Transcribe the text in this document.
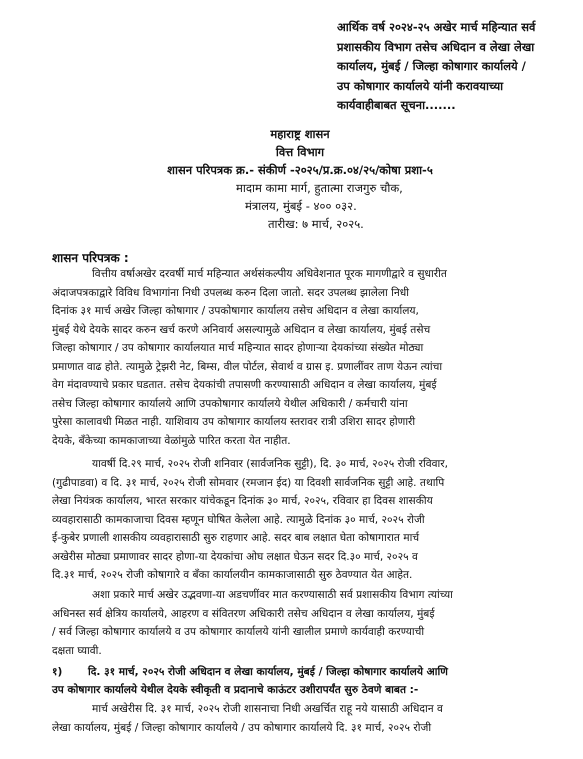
आर्थिक वर्ष २०२४-२५ अखेर मार्च महिन्यात सर्व
प्रशासकीय विभाग तसेच अधिदान व लेखा लेखा
कार्यालय, मुंबई / जिल्हा कोषागार कार्यालये /
उप कोषागार कार्यालये यांनी करावयाच्या
कार्यवाहीबाबत सूचना.......
महाराष्ट्र शासन
वित्त विभाग
शासन परिपत्रक क्र.- संकीर्ण -२०२५/प्र.क्र.०४/२५/कोषा प्रशा-५
मादाम कामा मार्ग, हुतात्मा राजगुरु चौक,
मंत्रालय, मुंबई - ४०० ०३२.
तारीख: ७ मार्च, २०२५.
शासन परिपत्रक :
वित्तीय वर्षाअखेर दरवर्षी मार्च महिन्यात अर्थसंकल्पीय अधिवेशनात पूरक मागणीद्वारे व सुधारीत
अंदाजपत्रकाद्वारे विविध विभागांना निधी उपलब्ध करुन दिला जातो. सदर उपलब्ध झालेला निधी
दिनांक ३१ मार्च अखेर जिल्हा कोषागार / उपकोषागार कार्यालय तसेच अधिदान व लेखा कार्यालय,
मुंबई येथे देयके सादर करुन खर्च करणे अनिवार्य असल्यामुळे अधिदान व लेखा कार्यालय, मुंबई तसेच
जिल्हा कोषागार / उप कोषागार कार्यालयात मार्च महिन्यात सादर होणाऱ्या देयकांच्या संख्येत मोठ्या
प्रमाणात वाढ होते. त्यामुळे ट्रेझरी नेट, बिम्स, वील पोर्टल, सेवार्थ व ग्रास इ. प्रणालींवर ताण येऊन त्यांचा
वेग मंदावण्याचे प्रकार घडतात. तसेच देयकांची तपासणी करण्यासाठी अधिदान व लेखा कार्यालय, मुंबई
तसेच जिल्हा कोषागार कार्यालये आणि उपकोषागार कार्यालये येथील अधिकारी / कर्मचारी यांना
पुरेसा कालावधी मिळत नाही. याशिवाय उप कोषागार कार्यालय स्तरावर रात्री उशिरा सादर होणारी
देयके, बँकेच्या कामकाजाच्या वेळांमुळे पारित करता येत नाहीत.
यावर्षी दि.२९ मार्च, २०२५ रोजी शनिवार (सार्वजनिक सुट्टी), दि. ३० मार्च, २०२५ रोजी रविवार,
(गुढीपाडवा) व दि. ३१ मार्च, २०२५ रोजी सोमवार (रमजान ईद) या दिवशी सार्वजनिक सुट्टी आहे. तथापि
लेखा नियंत्रक कार्यालय, भारत सरकार यांचेकडून दिनांक ३० मार्च, २०२५, रविवार हा दिवस शासकीय
व्यवहारासाठी कामकाजाचा दिवस म्हणून घोषित केलेला आहे. त्यामुळे दिनांक ३० मार्च, २०२५ रोजी
ई-कुबेर प्रणाली शासकीय व्यवहारासाठी सुरु राहणार आहे. सदर बाब लक्षात घेता कोषागारात मार्च
अखेरीस मोठ्या प्रमाणावर सादर होणा-या देयकांचा ओघ लक्षात घेऊन सदर दि.३० मार्च, २०२५ व
दि.३१ मार्च, २०२५ रोजी कोषागारे व बँका कार्यालयीन कामकाजासाठी सुरु ठेवण्यात येत आहेत.
अशा प्रकारे मार्च अखेर उद्भवणा-या अडचणींवर मात करण्यासाठी सर्व प्रशासकीय विभाग त्यांच्या
अधिनस्त सर्व क्षेत्रिय कार्यालये, आहरण व संवितरण अधिकारी तसेच अधिदान व लेखा कार्यालय, मुंबई
/ सर्व जिल्हा कोषागार कार्यालये व उप कोषागार कार्यालये यांनी खालील प्रमाणे कार्यवाही करण्याची
दक्षता घ्यावी.
१) दि. ३१ मार्च, २०२५ रोजी अधिदान व लेखा कार्यालय, मुंबई / जिल्हा कोषागार कार्यालये आणि
उप कोषागार कार्यालये येथील देयके स्वीकृती व प्रदानाचे काऊंटर उशीरापर्यंत सुरु ठेवणे बाबत :-
मार्च अखेरीस दि. ३१ मार्च, २०२५ रोजी शासनाचा निधी अखर्चित राहू नये यासाठी अधिदान व
लेखा कार्यालय, मुंबई / जिल्हा कोषागार कार्यालये / उप कोषागार कार्यालये दि. ३१ मार्च, २०२५ रोजी
